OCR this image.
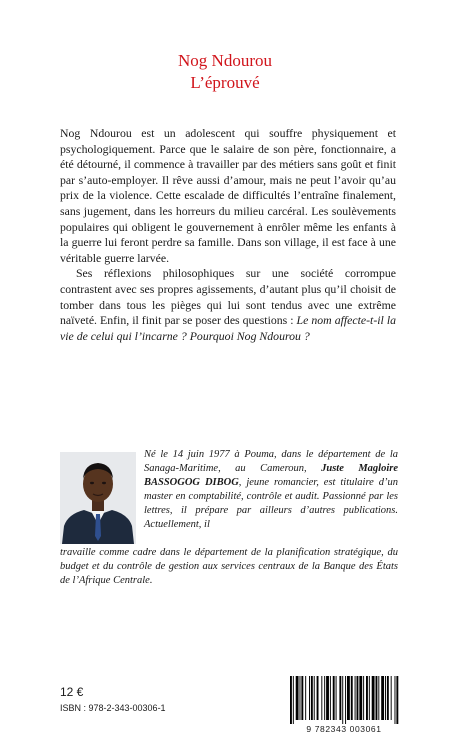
Nog Ndourou
L’éprouvé

Nog Ndourou est un adolescent qui souffre physiquement et psychologiquement. Parce que le salaire de son père, fonctionnaire, a été détourné, il commence à travailler par des métiers sans goût et finit par s’auto-employer. Il rêve aussi d’amour, mais ne peut l’avoir qu’au prix de la violence. Cette escalade de difficultés l’entraîne finalement, sans jugement, dans les horreurs du milieu carcéral. Les soulèvements populaires qui obligent le gouvernement à enrôler même les enfants à la guerre lui feront perdre sa famille. Dans son village, il est face à une véritable guerre larvée.

Ses réflexions philosophiques sur une société corrompue contrastent avec ses propres agissements, d’autant plus qu’il choisit de tomber dans tous les pièges qui lui sont tendus avec une extrême naïveté. Enfin, il finit par se poser des questions : Le nom affecte-t-il la vie de celui qui l’incarne ? Pourquoi Nog Ndourou ?

Né le 14 juin 1977 à Pouma, dans le département de la Sanaga-Maritime, au Cameroun, Juste Magloire BASSOGOG DIBOG, jeune romancier, est titulaire d’un master en comptabilité, contrôle et audit. Passionné par les lettres, il prépare par ailleurs d’autres publications. Actuellement, il
travaille comme cadre dans le département de la planification stratégique, du budget et du contrôle de gestion aux services centraux de la Banque des États de l’Afrique Centrale.
12 €
ISBN : 978-2-343-00306-1
9 782343 003061
